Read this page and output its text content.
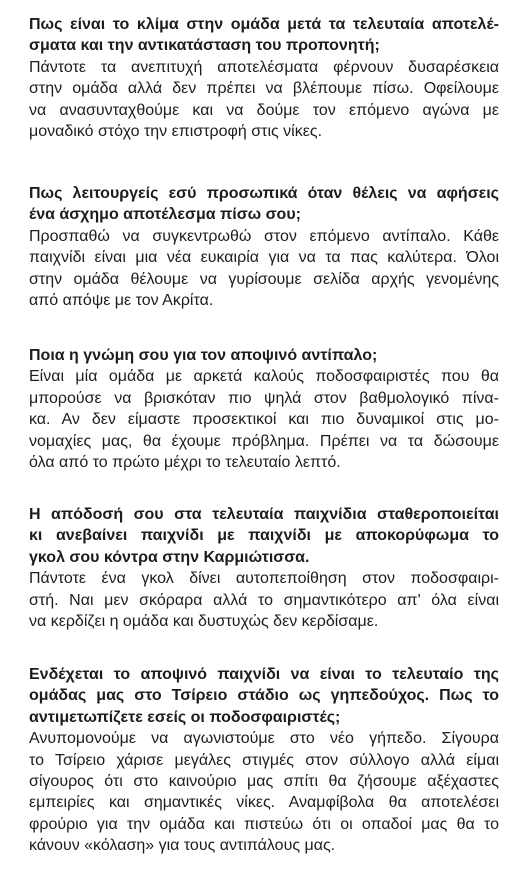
Πως είναι το κλίμα στην ομάδα μετά τα τελευταία αποτελέ-
σματα και την αντικατάσταση του προπονητή;
Πάντοτε τα ανεπιτυχή αποτελέσματα φέρνουν δυσαρέσκεια
στην ομάδα αλλά δεν πρέπει να βλέπουμε πίσω. Οφείλουμε
να ανασυνταχθούμε και να δούμε τον επόμενο αγώνα με
μοναδικό στόχο την επιστροφή στις νίκες.
Πως λειτουργείς εσύ προσωπικά όταν θέλεις να αφήσεις
ένα άσχημο αποτέλεσμα πίσω σου;
Προσπαθώ να συγκεντρωθώ στον επόμενο αντίπαλο. Κάθε
παιχνίδι είναι μια νέα ευκαιρία για να τα πας καλύτερα. Όλοι
στην ομάδα θέλουμε να γυρίσουμε σελίδα αρχής γενομένης
από απόψε με τον Ακρίτα.
Ποια η γνώμη σου για τον αποψινό αντίπαλο;
Είναι μία ομάδα με αρκετά καλούς ποδοσφαιριστές που θα
μπορούσε να βρισκόταν πιο ψηλά στον βαθμολογικό πίνα-
κα. Αν δεν είμαστε προσεκτικοί και πιο δυναμικοί στις μο-
νομαχίες μας, θα έχουμε πρόβλημα. Πρέπει να τα δώσουμε
όλα από το πρώτο μέχρι το τελευταίο λεπτό.
Η απόδοσή σου στα τελευταία παιχνίδια σταθεροποιείται
κι ανεβαίνει παιχνίδι με παιχνίδι με αποκορύφωμα το
γκολ σου κόντρα στην Καρμιώτισσα.
Πάντοτε ένα γκολ δίνει αυτοπεποίθηση στον ποδοσφαιρι-
στή. Ναι μεν σκόραρα αλλά το σημαντικότερο απ' όλα είναι
να κερδίζει η ομάδα και δυστυχώς δεν κερδίσαμε.
Ενδέχεται το αποψινό παιχνίδι να είναι το τελευταίο της
ομάδας μας στο Τσίρειο στάδιο ως γηπεδούχος. Πως το
αντιμετωπίζετε εσείς οι ποδοσφαιριστές;
Ανυπομονούμε να αγωνιστούμε στο νέο γήπεδο. Σίγουρα
το Τσίρειο χάρισε μεγάλες στιγμές στον σύλλογο αλλά είμαι
σίγουρος ότι στο καινούριο μας σπίτι θα ζήσουμε αξέχαστες
εμπειρίες και σημαντικές νίκες. Αναμφίβολα θα αποτελέσει
φρούριο για την ομάδα και πιστεύω ότι οι οπαδοί μας θα το
κάνουν «κόλαση» για τους αντιπάλους μας.
